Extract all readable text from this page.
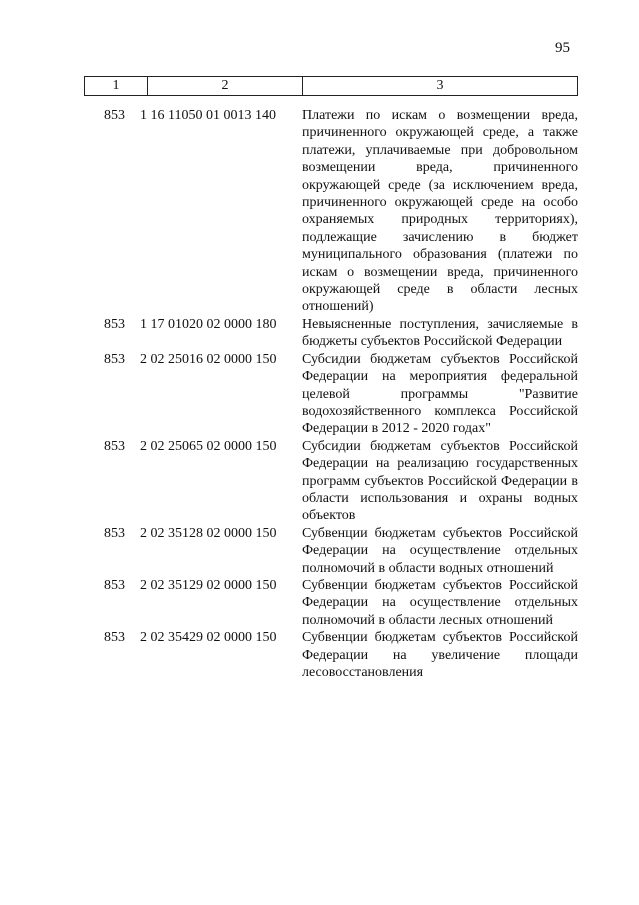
95
1	2	3
853	1 16 11050 01 0013 140	Платежи по искам о возмещении вреда, причиненного окружающей среде, а также платежи, уплачиваемые при добровольном возмещении вреда, причиненного окружающей среде (за исключением вреда, причиненного окружающей среде на особо охраняемых природных территориях), подлежащие зачислению в бюджет муниципального образования (платежи по искам о возмещении вреда, причиненного окружающей среде в области лесных отношений)
853	1 17 01020 02 0000 180	Невыясненные поступления, зачисляемые в бюджеты субъектов Российской Федерации
853	2 02 25016 02 0000 150	Субсидии бюджетам субъектов Российской Федерации на мероприятия федеральной целевой программы "Развитие водохозяйственного комплекса Российской Федерации в 2012 - 2020 годах"
853	2 02 25065 02 0000 150	Субсидии бюджетам субъектов Российской Федерации на реализацию государственных программ субъектов Российской Федерации в области использования и охраны водных объектов
853	2 02 35128 02 0000 150	Субвенции бюджетам субъектов Российской Федерации на осуществление отдельных полномочий в области водных отношений
853	2 02 35129 02 0000 150	Субвенции бюджетам субъектов Российской Федерации на осуществление отдельных полномочий в области лесных отношений
853	2 02 35429 02 0000 150	Субвенции бюджетам субъектов Российской Федерации на увеличение площади лесовосстановления
